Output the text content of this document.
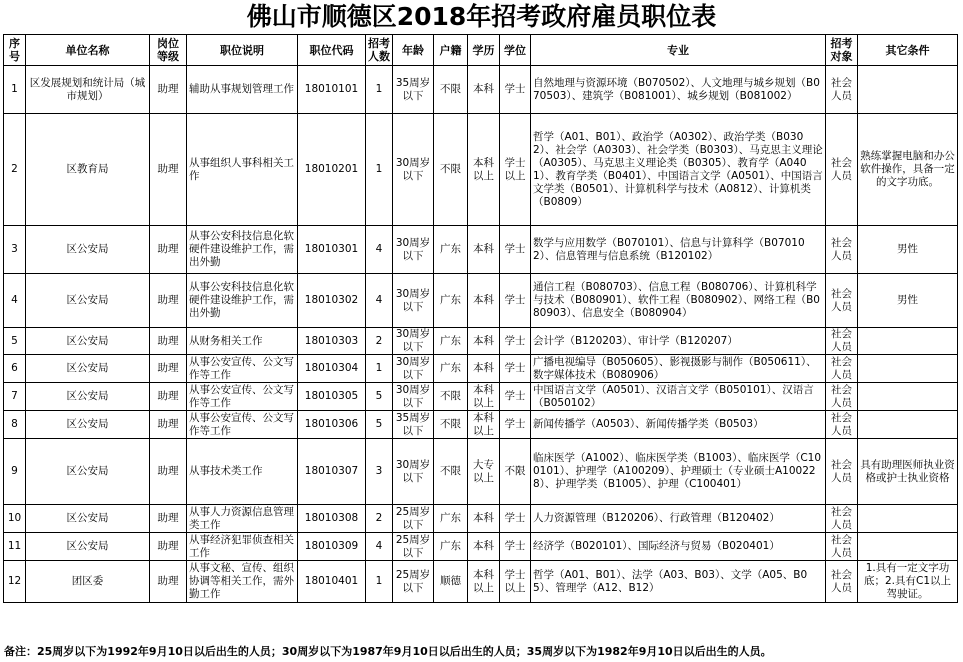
佛山市顺德区2018年招考政府雇员职位表
序号	单位名称	岗位等级	职位说明	职位代码	招考人数	年龄	户籍	学历	学位	专业	招考对象	其它条件
1	区发展规划和统计局（城市规划）	助理	辅助从事规划管理工作	18010101	1	35周岁以下	不限	本科	学士	自然地理与资源环境（B070502）、人文地理与城乡规划（B070503）、建筑学（B081001）、城乡规划（B081002）	社会人员	
2	区教育局	助理	从事组织人事科相关工作	18010201	1	30周岁以下	不限	本科以上	学士以上	哲学（A01、B01）、政治学（A0302）、政治学类（B0302）、社会学（A0303）、社会学类（B0303）、马克思主义理论（A0305）、马克思主义理论类（B0305）、教育学（A0401）、教育学类（B0401）、中国语言文学（A0501）、中国语言文学类（B0501）、计算机科学与技术（A0812）、计算机类（B0809）	社会人员	熟练掌握电脑和办公软件操作，具备一定的文字功底。
3	区公安局	助理	从事公安科技信息化软硬件建设维护工作，需出外勤	18010301	4	30周岁以下	广东	本科	学士	数学与应用数学（B070101）、信息与计算科学（B070102）、信息管理与信息系统（B120102）	社会人员	男性
4	区公安局	助理	从事公安科技信息化软硬件建设维护工作，需出外勤	18010302	4	30周岁以下	广东	本科	学士	通信工程（B080703）、信息工程（B080706）、计算机科学与技术（B080901）、软件工程（B080902）、网络工程（B080903）、信息安全（B080904）	社会人员	男性
5	区公安局	助理	从财务相关工作	18010303	2	30周岁以下	广东	本科	学士	会计学（B120203）、审计学（B120207）	社会人员	
6	区公安局	助理	从事公安宣传、公文写作等工作	18010304	1	30周岁以下	广东	本科	学士	广播电视编导（B050605）、影视摄影与制作（B050611）、数字媒体技术（B080906）	社会人员	
7	区公安局	助理	从事公安宣传、公文写作等工作	18010305	5	30周岁以下	不限	本科以上	学士	中国语言文学（A0501）、汉语言文学（B050101）、汉语言（B050102）	社会人员	
8	区公安局	助理	从事公安宣传、公文写作等工作	18010306	5	35周岁以下	不限	本科以上	学士	新闻传播学（A0503）、新闻传播学类（B0503）	社会人员	
9	区公安局	助理	从事技术类工作	18010307	3	30周岁以下	不限	大专以上	不限	临床医学（A1002）、临床医学类（B1003）、临床医学（C100101）、护理学（A100209）、护理硕士（专业硕士A100228）、护理学类（B1005）、护理（C100401）	社会人员	具有助理医师执业资格或护士执业资格
10	区公安局	助理	从事人力资源信息管理类工作	18010308	2	25周岁以下	广东	本科	学士	人力资源管理（B120206）、行政管理（B120402）	社会人员	
11	区公安局	助理	从事经济犯罪侦查相关工作	18010309	4	25周岁以下	广东	本科	学士	经济学（B020101）、国际经济与贸易（B020401）	社会人员	
12	团区委	助理	从事文秘、宣传、组织协调等相关工作，需外勤工作	18010401	1	25周岁以下	顺德	本科以上	学士以上	哲学（A01、B01）、法学（A03、B03）、文学（A05、B05）、管理学（A12、B12）	社会人员	1.具有一定文字功底；2.具有C1以上驾驶证。
备注：25周岁以下为1992年9月10日以后出生的人员；30周岁以下为1987年9月10日以后出生的人员；35周岁以下为1982年9月10日以后出生的人员。
